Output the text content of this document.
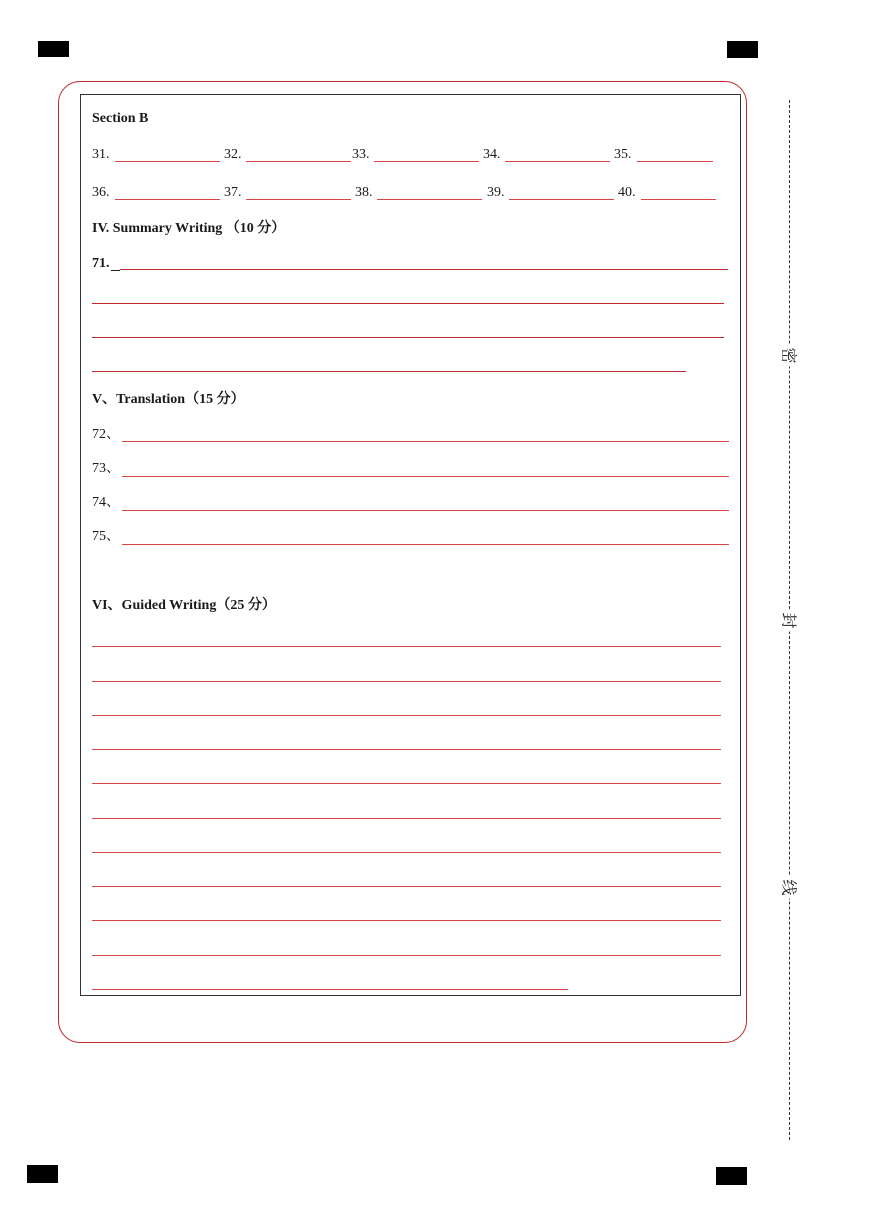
Section B
31.	32.	33.	34.	35.
36.	37.	38.	39.	40.
IV. Summary Writing （10 分）
71.
V、Translation（15 分）
72、
73、
74、
75、
VI、Guided Writing（25 分）
密
封
线
